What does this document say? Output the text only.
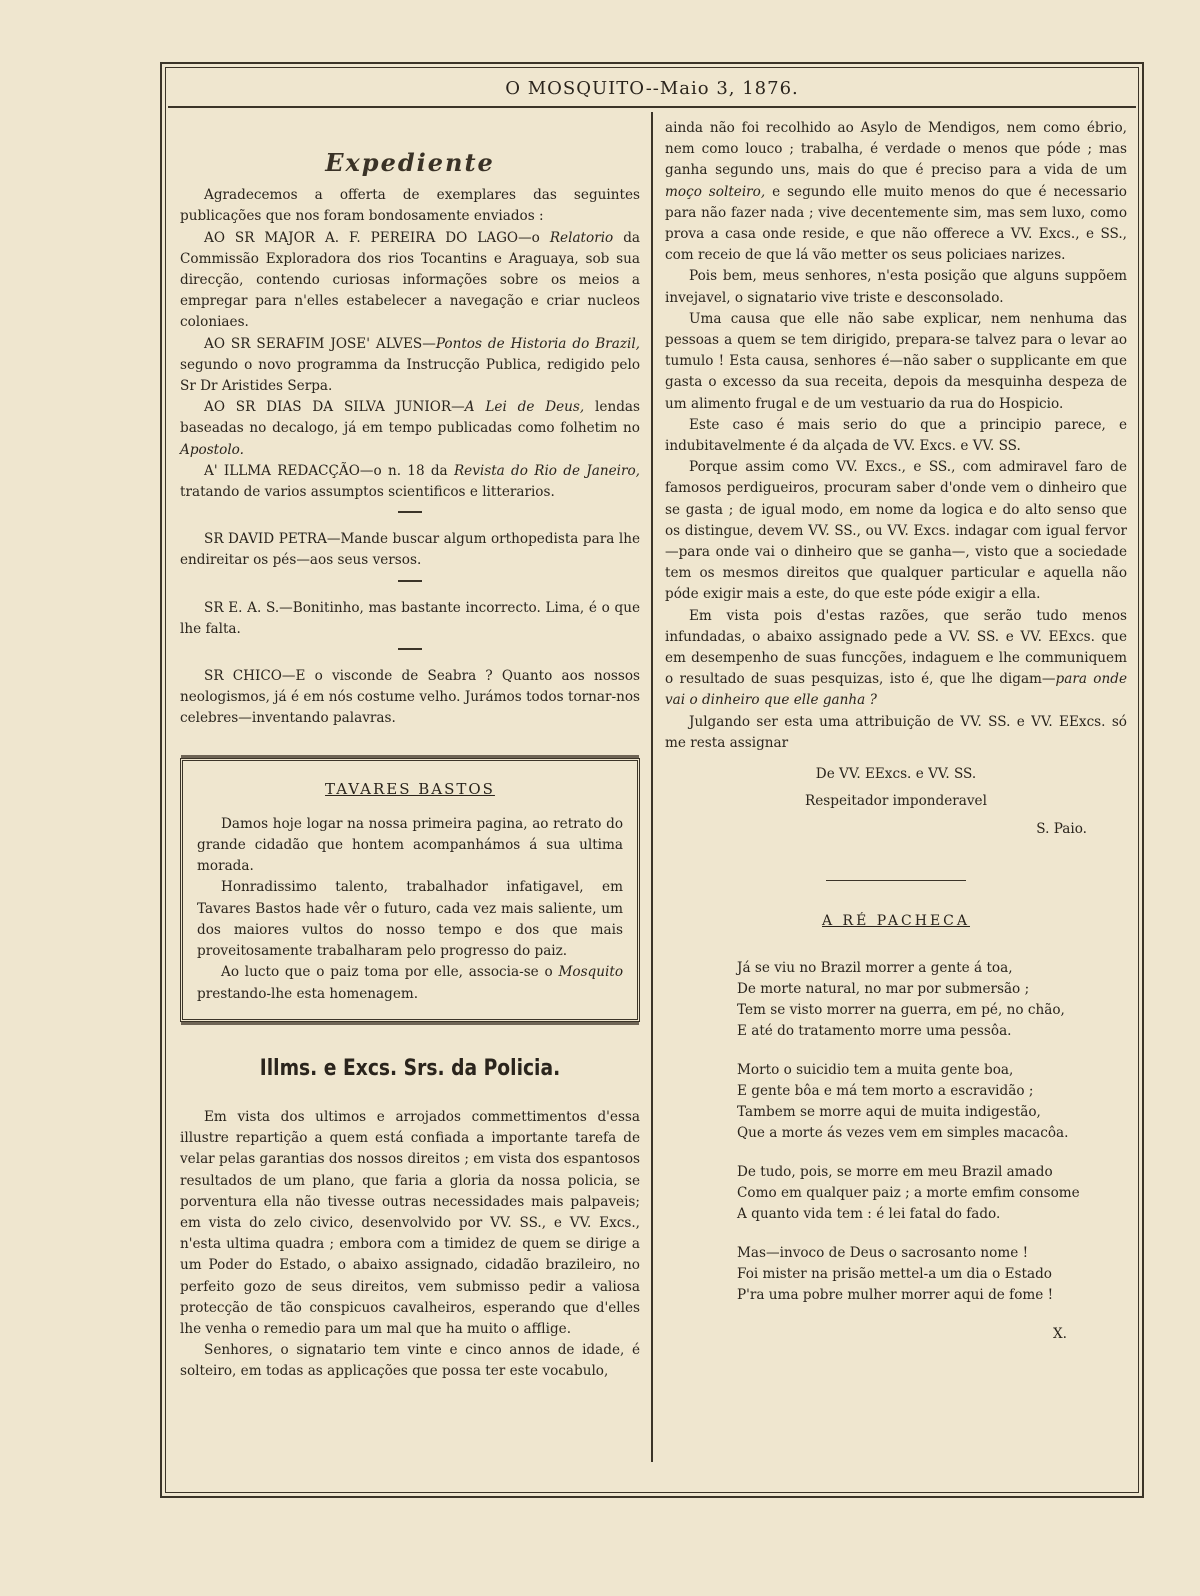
O MOSQUITO--Maio 3, 1876.
Expediente

Agradecemos a offerta de exemplares das seguintes publicações que nos foram bondosamente enviados :

AO SR MAJOR A. F. PEREIRA DO LAGO—o Relatorio da Commissão Exploradora dos rios Tocantins e Araguaya, sob sua direcção, contendo curiosas informações sobre os meios a empregar para n'elles estabelecer a navegação e criar nucleos coloniaes.

AO SR SERAFIM JOSE' ALVES—Pontos de Historia do Brazil, segundo o novo programma da Instrucção Publica, redigido pelo Sr Dr Aristides Serpa.

AO SR DIAS DA SILVA JUNIOR—A Lei de Deus, lendas baseadas no decalogo, já em tempo publicadas como folhetim no Apostolo.

A' ILLMA REDACÇÃO—o n. 18 da Revista do Rio de Janeiro, tratando de varios assumptos scientificos e litterarios.

SR DAVID PETRA—Mande buscar algum orthopedista para lhe endireitar os pés—aos seus versos.

SR E. A. S.—Bonitinho, mas bastante incorrecto. Lima, é o que lhe falta.

SR CHICO—E o visconde de Seabra ? Quanto aos nossos neologismos, já é em nós costume velho. Jurámos todos tornar-nos celebres—inventando palavras.

TAVARES BASTOS

Damos hoje logar na nossa primeira pagina, ao retrato do grande cidadão que hontem acompanhámos á sua ultima morada.

Honradissimo talento, trabalhador infatigavel, em Tavares Bastos hade vêr o futuro, cada vez mais saliente, um dos maiores vultos do nosso tempo e dos que mais proveitosamente trabalharam pelo progresso do paiz.

Ao lucto que o paiz toma por elle, associa-se o Mosquito prestando-lhe esta homenagem.

Illms. e Excs. Srs. da Policia.

Em vista dos ultimos e arrojados commettimentos d'essa illustre repartição a quem está confiada a importante tarefa de velar pelas garantias dos nossos direitos ; em vista dos espantosos resultados de um plano, que faria a gloria da nossa policia, se porventura ella não tivesse outras necessidades mais palpaveis; em vista do zelo civico, desenvolvido por VV. SS., e VV. Excs., n'esta ultima quadra ; embora com a timidez de quem se dirige a um Poder do Estado, o abaixo assignado, cidadão brazileiro, no perfeito gozo de seus direitos, vem submisso pedir a valiosa protecção de tão conspicuos cavalheiros, esperando que d'elles lhe venha o remedio para um mal que ha muito o afflige.

Senhores, o signatario tem vinte e cinco annos de idade, é solteiro, em todas as applicações que possa ter este vocabulo,

ainda não foi recolhido ao Asylo de Mendigos, nem como ébrio, nem como louco ; trabalha, é verdade o menos que póde ; mas ganha segundo uns, mais do que é preciso para a vida de um moço solteiro, e segundo elle muito menos do que é necessario para não fazer nada ; vive decentemente sim, mas sem luxo, como prova a casa onde reside, e que não offerece a VV. Excs., e SS., com receio de que lá vão metter os seus policiaes narizes.

Pois bem, meus senhores, n'esta posição que alguns suppõem invejavel, o signatario vive triste e desconsolado.

Uma causa que elle não sabe explicar, nem nenhuma das pessoas a quem se tem dirigido, prepara-se talvez para o levar ao tumulo ! Esta causa, senhores é—não saber o supplicante em que gasta o excesso da sua receita, depois da mesquinha despeza de um alimento frugal e de um vestuario da rua do Hospicio.

Este caso é mais serio do que a principio parece, e indubitavelmente é da alçada de VV. Excs. e VV. SS.

Porque assim como VV. Excs., e SS., com admiravel faro de famosos perdigueiros, procuram saber d'onde vem o dinheiro que se gasta ; de igual modo, em nome da logica e do alto senso que os distingue, devem VV. SS., ou VV. Excs. indagar com igual fervor—para onde vai o dinheiro que se ganha—, visto que a sociedade tem os mesmos direitos que qualquer particular e aquella não póde exigir mais a este, do que este póde exigir a ella.

Em vista pois d'estas razões, que serão tudo menos infundadas, o abaixo assignado pede a VV. SS. e VV. EExcs. que em desempenho de suas funcções, indaguem e lhe communiquem o resultado de suas pesquizas, isto é, que lhe digam—para onde vai o dinheiro que elle ganha ?

Julgando ser esta uma attribuição de VV. SS. e VV. EExcs. só me resta assignar

De VV. EExcs. e VV. SS.
Respeitador imponderavel
S. Paio.
A RÉ PACHECA
Já se viu no Brazil morrer a gente á toa,
De morte natural, no mar por submersão ;
Tem se visto morrer na guerra, em pé, no chão,
E até do tratamento morre uma pessôa.
Morto o suicidio tem a muita gente boa,
E gente bôa e má tem morto a escravidão ;
Tambem se morre aqui de muita indigestão,
Que a morte ás vezes vem em simples macacôa.
De tudo, pois, se morre em meu Brazil amado
Como em qualquer paiz ; a morte emfim consome
A quanto vida tem : é lei fatal do fado.
Mas—invoco de Deus o sacrosanto nome !
Foi mister na prisão mettel-a um dia o Estado
P'ra uma pobre mulher morrer aqui de fome !
X.
